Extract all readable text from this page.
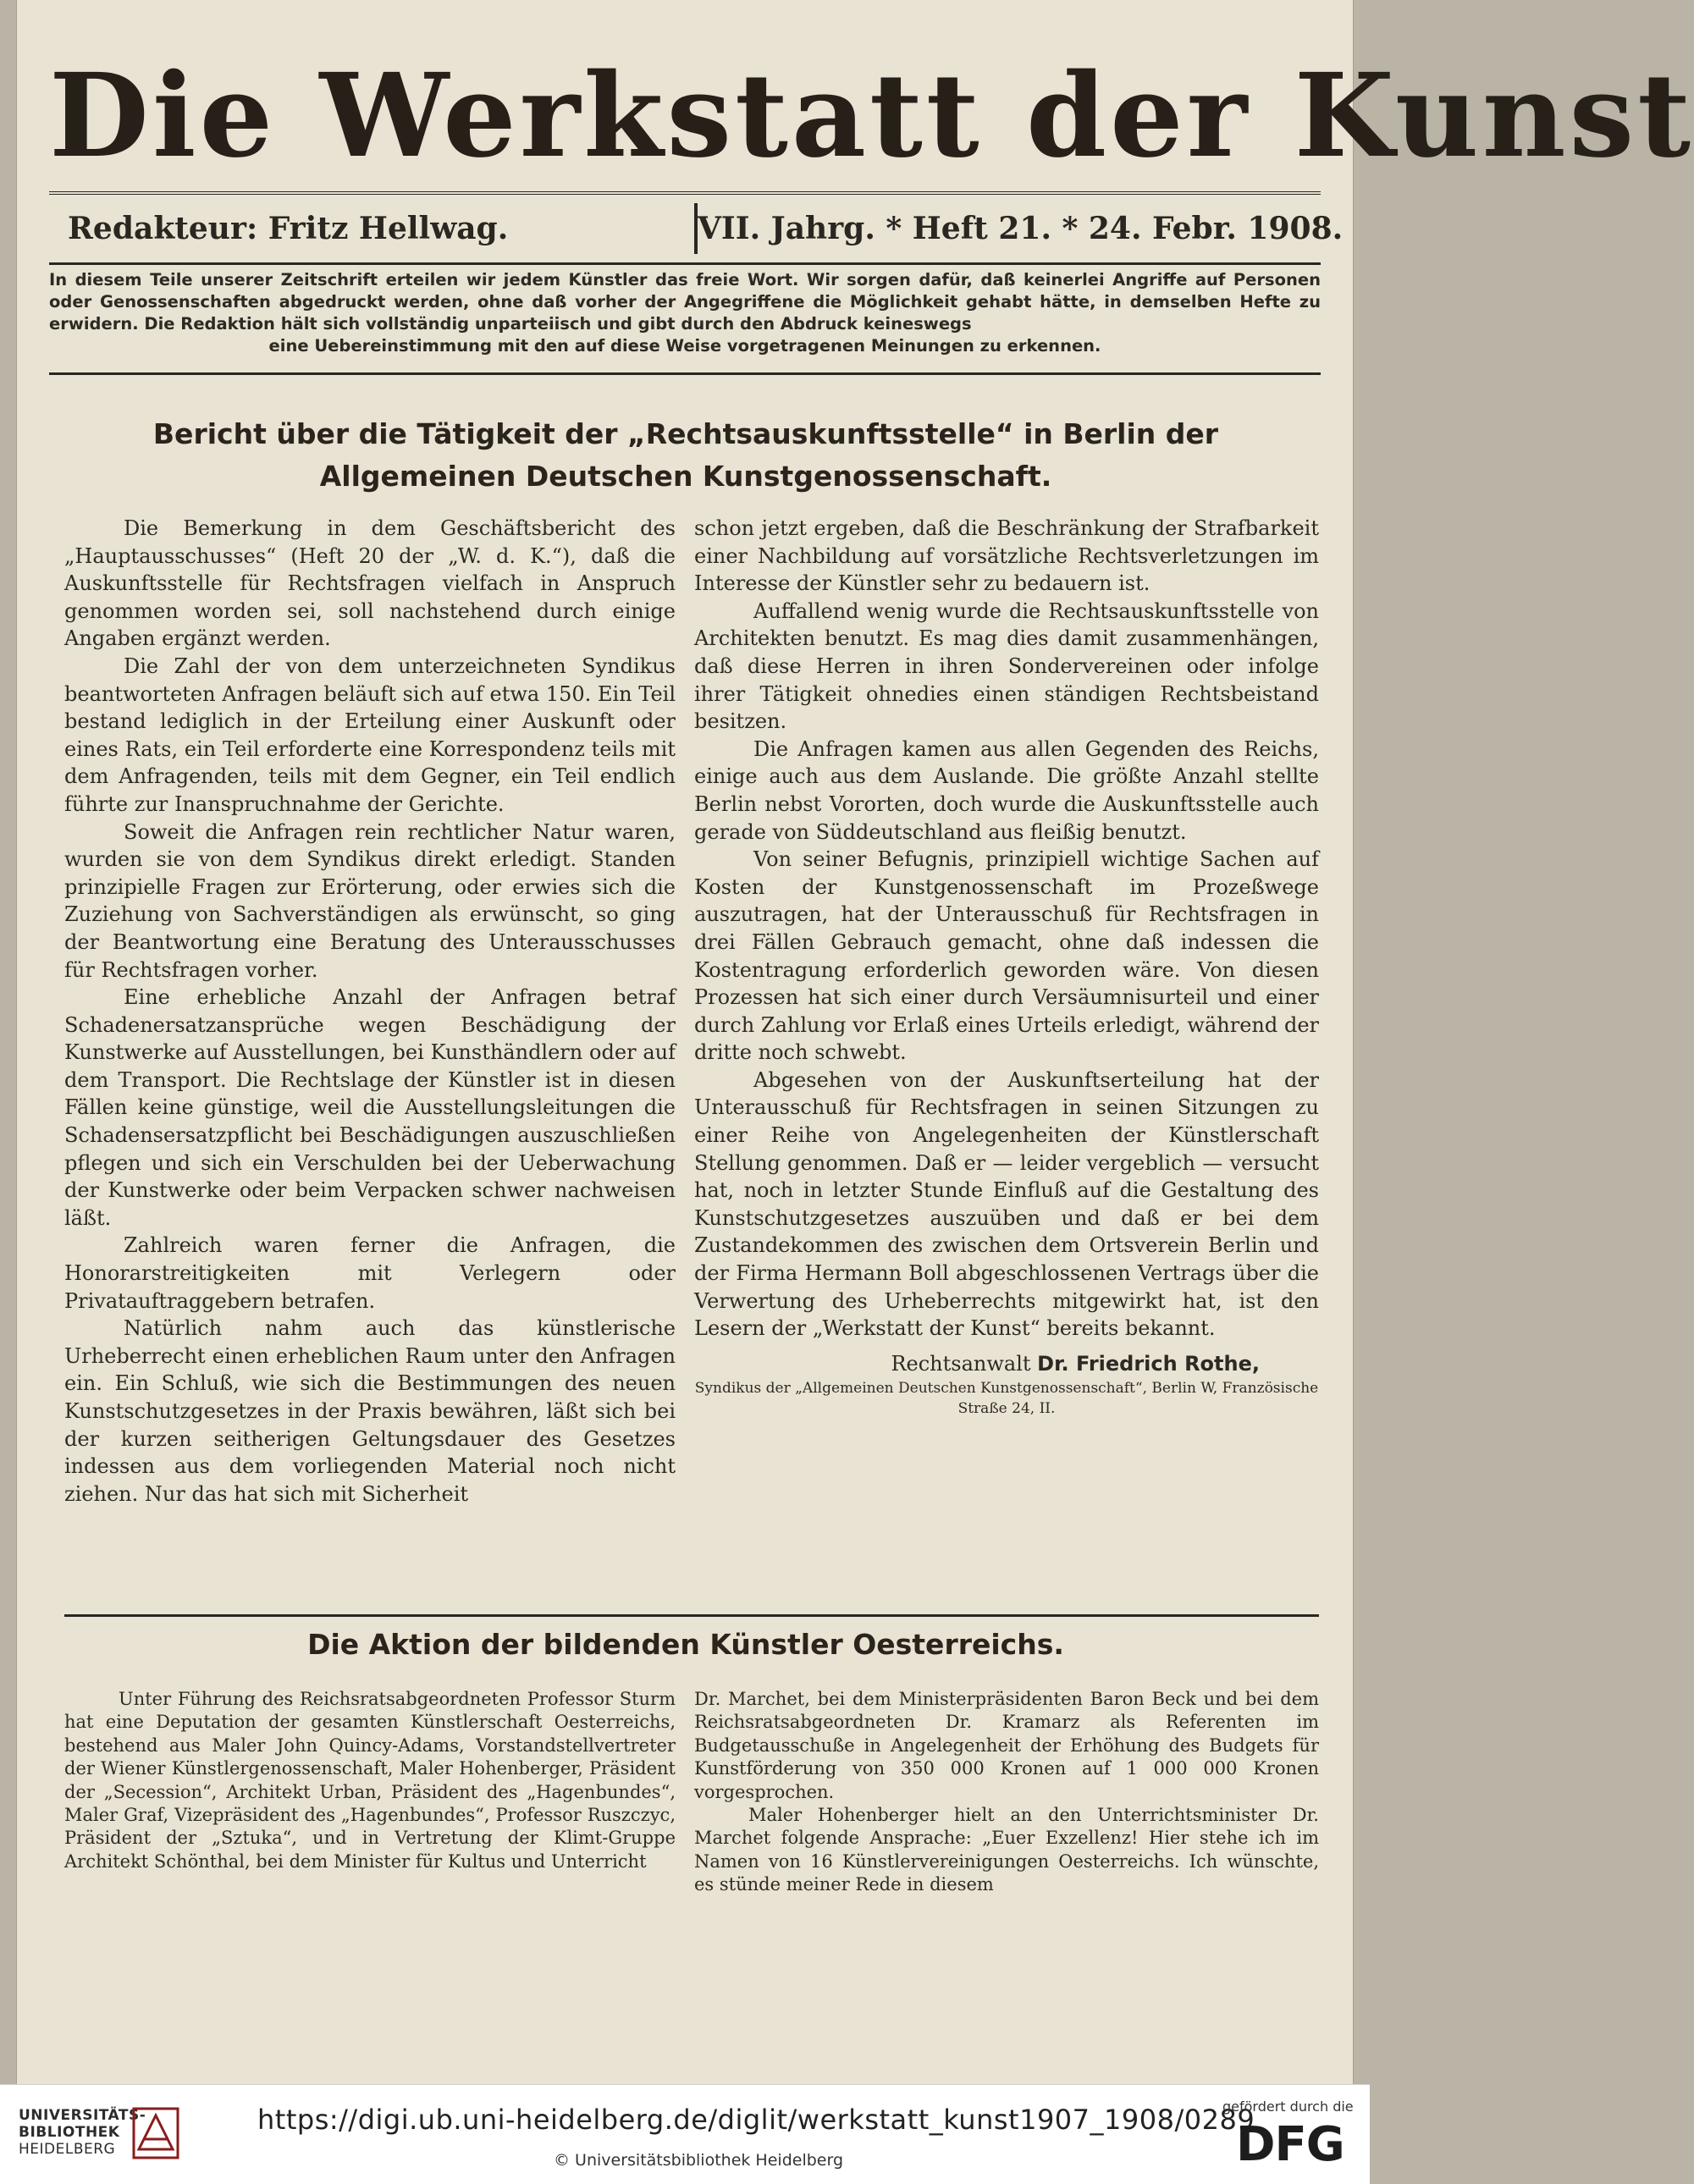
Die Werkstatt der Kunst
Redakteur: Fritz Hellwag.	VII. Jahrg. * Heft 21. * 24. Febr. 1908.
In diesem Teile unserer Zeitschrift erteilen wir jedem Künstler das freie Wort. Wir sorgen dafür, daß keinerlei Angriffe auf Personen oder Genossenschaften abgedruckt werden, ohne daß vorher der Angegriffene die Möglichkeit gehabt hätte, in demselben Hefte zu erwidern. Die Redaktion hält sich vollständig unparteiisch und gibt durch den Abdruck keineswegs
eine Uebereinstimmung mit den auf diese Weise vorgetragenen Meinungen zu erkennen.
Bericht über die Tätigkeit der „Rechtsauskunftsstelle“ in Berlin der
Allgemeinen Deutschen Kunstgenossenschaft.

Die Bemerkung in dem Geschäftsbericht des „Hauptausschusses“ (Heft 20 der „W. d. K.“), daß die Auskunftsstelle für Rechtsfragen vielfach in Anspruch genommen worden sei, soll nachstehend durch einige Angaben ergänzt werden.

Die Zahl der von dem unterzeichneten Syndikus beantworteten Anfragen beläuft sich auf etwa 150. Ein Teil bestand lediglich in der Erteilung einer Auskunft oder eines Rats, ein Teil erforderte eine Korrespondenz teils mit dem Anfragenden, teils mit dem Gegner, ein Teil endlich führte zur Inanspruchnahme der Gerichte.

Soweit die Anfragen rein rechtlicher Natur waren, wurden sie von dem Syndikus direkt erledigt. Standen prinzipielle Fragen zur Erörterung, oder erwies sich die Zuziehung von Sachverständigen als erwünscht, so ging der Beantwortung eine Beratung des Unterausschusses für Rechtsfragen vorher.

Eine erhebliche Anzahl der Anfragen betraf Schadenersatzansprüche wegen Beschädigung der Kunstwerke auf Ausstellungen, bei Kunsthändlern oder auf dem Transport. Die Rechtslage der Künstler ist in diesen Fällen keine günstige, weil die Ausstellungsleitungen die Schadensersatzpflicht bei Beschädigungen auszuschließen pflegen und sich ein Verschulden bei der Ueberwachung der Kunstwerke oder beim Verpacken schwer nachweisen läßt.

Zahlreich waren ferner die Anfragen, die Honorarstreitigkeiten mit Verlegern oder Privatauftraggebern betrafen.

Natürlich nahm auch das künstlerische Urheberrecht einen erheblichen Raum unter den Anfragen ein. Ein Schluß, wie sich die Bestimmungen des neuen Kunstschutzgesetzes in der Praxis bewähren, läßt sich bei der kurzen seitherigen Geltungsdauer des Gesetzes indessen aus dem vorliegenden Material noch nicht ziehen. Nur das hat sich mit Sicherheit

schon jetzt ergeben, daß die Beschränkung der Strafbarkeit einer Nachbildung auf vorsätzliche Rechtsverletzungen im Interesse der Künstler sehr zu bedauern ist.

Auffallend wenig wurde die Rechtsauskunftsstelle von Architekten benutzt. Es mag dies damit zusammenhängen, daß diese Herren in ihren Sondervereinen oder infolge ihrer Tätigkeit ohnedies einen ständigen Rechtsbeistand besitzen.

Die Anfragen kamen aus allen Gegenden des Reichs, einige auch aus dem Auslande. Die größte Anzahl stellte Berlin nebst Vororten, doch wurde die Auskunftsstelle auch gerade von Süddeutschland aus fleißig benutzt.

Von seiner Befugnis, prinzipiell wichtige Sachen auf Kosten der Kunstgenossenschaft im Prozeßwege auszutragen, hat der Unterausschuß für Rechtsfragen in drei Fällen Gebrauch gemacht, ohne daß indessen die Kostentragung erforderlich geworden wäre. Von diesen Prozessen hat sich einer durch Versäumnisurteil und einer durch Zahlung vor Erlaß eines Urteils erledigt, während der dritte noch schwebt.

Abgesehen von der Auskunftserteilung hat der Unterausschuß für Rechtsfragen in seinen Sitzungen zu einer Reihe von Angelegenheiten der Künstlerschaft Stellung genommen. Daß er — leider vergeblich — versucht hat, noch in letzter Stunde Einfluß auf die Gestaltung des Kunstschutzgesetzes auszuüben und daß er bei dem Zustandekommen des zwischen dem Ortsverein Berlin und der Firma Hermann Boll abgeschlossenen Vertrags über die Verwertung des Urheberrechts mitgewirkt hat, ist den Lesern der „Werkstatt der Kunst“ bereits bekannt.

Rechtsanwalt Dr. Friedrich Rothe,
Syndikus der „Allgemeinen Deutschen Kunstgenossenschaft“, Berlin W, Französische Straße 24, II.
Die Aktion der bildenden Künstler Oesterreichs.

Unter Führung des Reichsratsabgeordneten Professor Sturm hat eine Deputation der gesamten Künstlerschaft Oesterreichs, bestehend aus Maler John Quincy-Adams, Vorstandstellvertreter der Wiener Künstlergenossenschaft, Maler Hohenberger, Präsident der „Secession“, Architekt Urban, Präsident des „Hagenbundes“, Maler Graf, Vizepräsident des „Hagenbundes“, Professor Ruszczyc, Präsident der „Sztuka“, und in Vertretung der Klimt-Gruppe Architekt Schönthal, bei dem Minister für Kultus und Unterricht

Dr. Marchet, bei dem Ministerpräsidenten Baron Beck und bei dem Reichsratsabgeordneten Dr. Kramarz als Referenten im Budgetausschuße in Angelegenheit der Erhöhung des Budgets für Kunstförderung von 350 000 Kronen auf 1 000 000 Kronen vorgesprochen.

Maler Hohenberger hielt an den Unterrichtsminister Dr. Marchet folgende Ansprache: „Euer Exzellenz! Hier stehe ich im Namen von 16 Künstlervereinigungen Oesterreichs. Ich wünschte, es stünde meiner Rede in diesem

UNIVERSITÄTS-
BIBLIOTHEK
HEIDELBERG
https://digi.ub.uni-heidelberg.de/diglit/werkstatt_kunst1907_1908/0289
© Universitätsbibliothek Heidelberg
gefördert durch die
DFG
